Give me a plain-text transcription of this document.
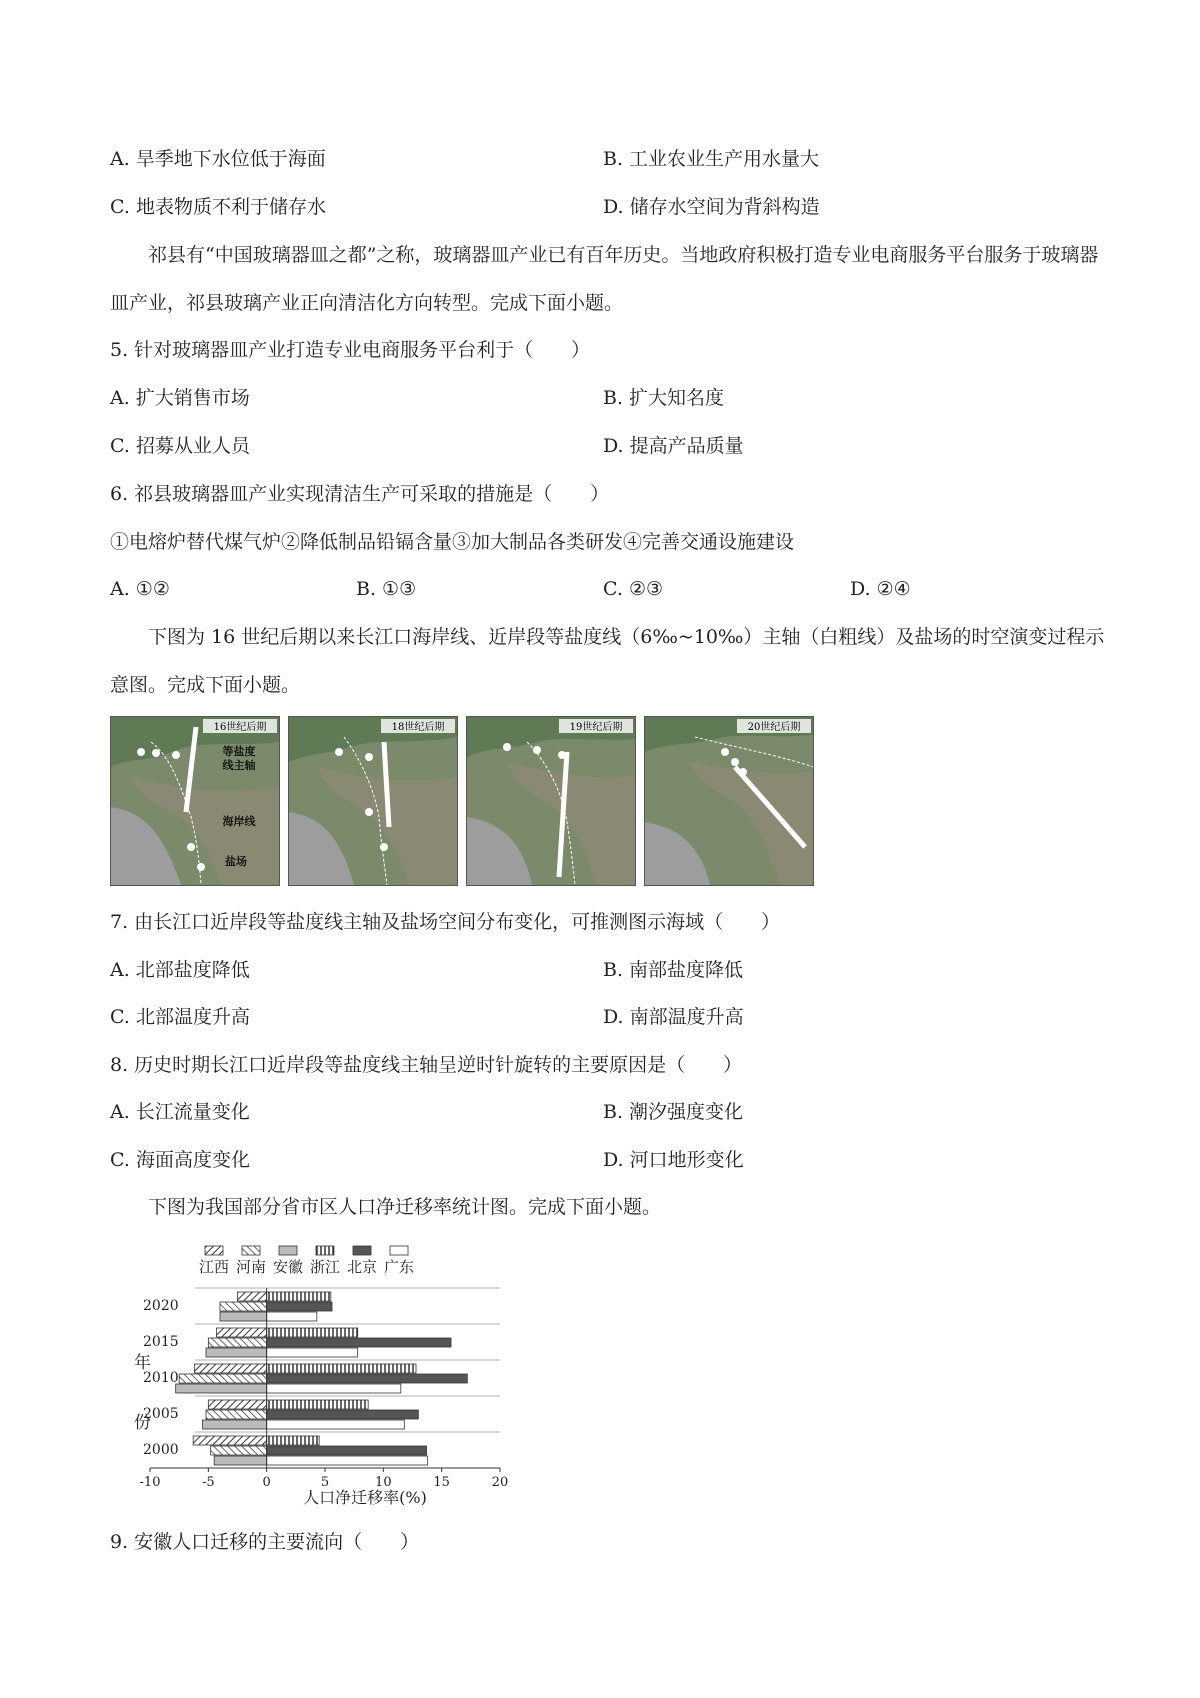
A. 旱季地下水位低于海面	B. 工业农业生产用水量大
C. 地表物质不利于储存水	D. 储存水空间为背斜构造
祁县有“中国玻璃器皿之都”之称，玻璃器皿产业已有百年历史。当地政府积极打造专业电商服务平台服务于玻璃器皿产业，祁县玻璃产业正向清洁化方向转型。完成下面小题。
5. 针对玻璃器皿产业打造专业电商服务平台利于（　　）
A. 扩大销售市场	B. 扩大知名度
C. 招募从业人员	D. 提高产品质量
6. 祁县玻璃器皿产业实现清洁生产可采取的措施是（　　）
①电熔炉替代煤气炉②降低制品铅镉含量③加大制品各类研发④完善交通设施建设
A. ①②	B. ①③	C. ②③	D. ②④
下图为 16 世纪后期以来长江口海岸线、近岸段等盐度线（6‰~10‰）主轴（白粗线）及盐场的时空演变过程示意图。完成下面小题。
16世纪后期
等盐度
线主轴
海岸线
盐场
18世纪后期	19世纪后期	20世纪后期
7. 由长江口近岸段等盐度线主轴及盐场空间分布变化，可推测图示海域（　　）
A. 北部盐度降低	B. 南部盐度降低
C. 北部温度升高	D. 南部温度升高
8. 历史时期长江口近岸段等盐度线主轴呈逆时针旋转的主要原因是（　　）
A. 长江流量变化	B. 潮汐强度变化
C. 海面高度变化	D. 河口地形变化
下图为我国部分省市区人口净迁移率统计图。完成下面小题。
江西 河南 安徽 浙江 北京 广东
2020
2015
2010
2005
2000
-10	-5	0	5	10	15	20
年
份
人口净迁移率(%)
9. 安徽人口迁移的主要流向（　　）
